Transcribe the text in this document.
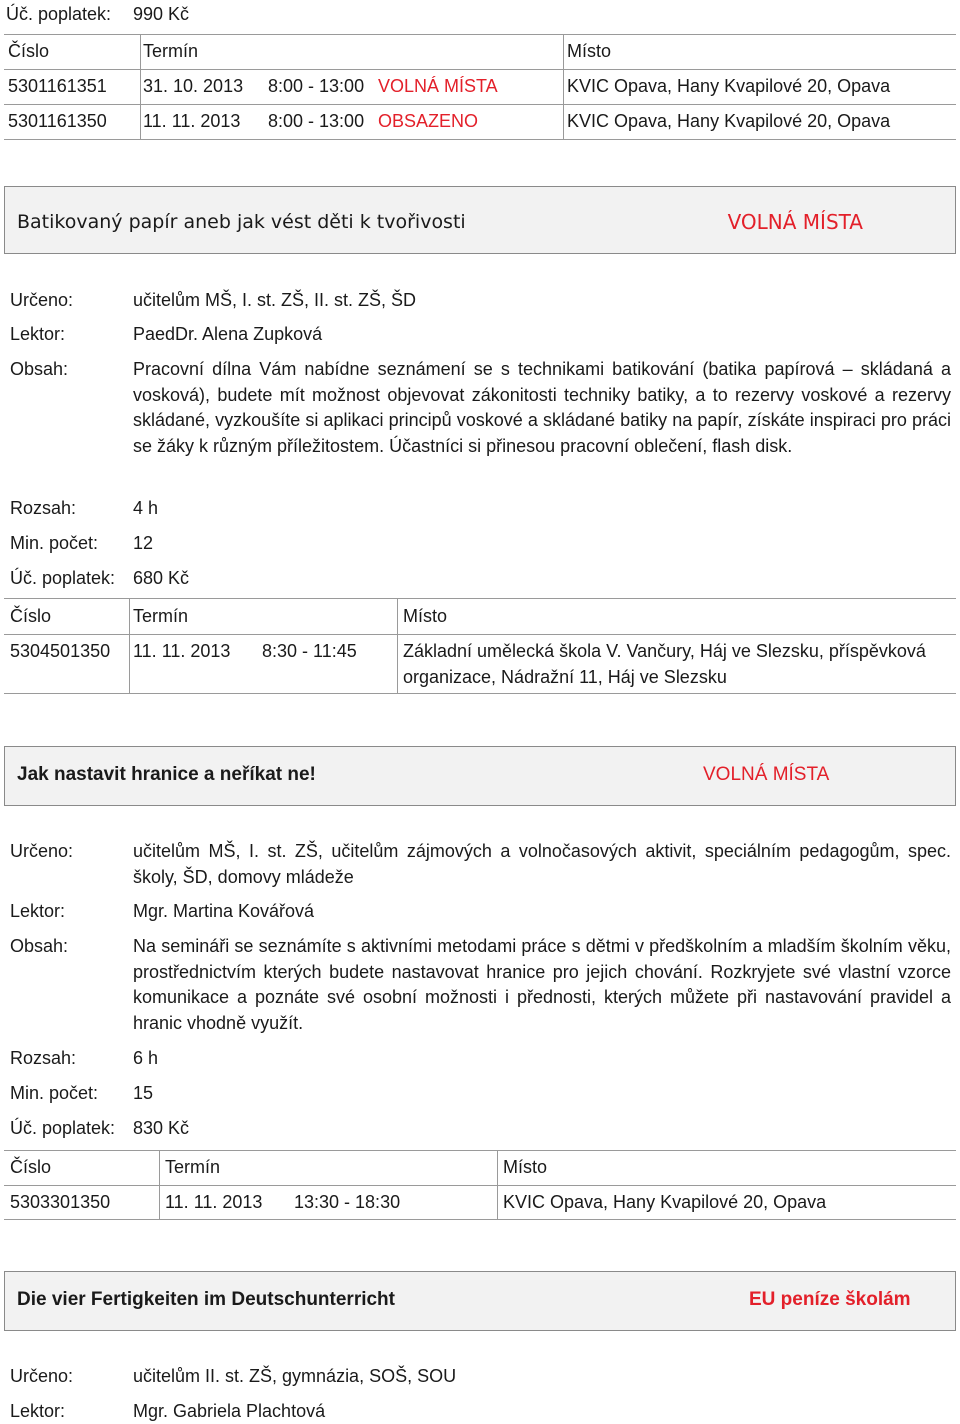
Úč. poplatek: 990 Kč
Číslo	Termín	Místo
5301161351 31. 10. 2013 8:00 - 13:00 VOLNÁ MÍSTA	KVIC Opava, Hany Kvapilové 20, Opava
5301161350 11. 11. 2013 8:00 - 13:00 OBSAZENO	KVIC Opava, Hany Kvapilové 20, Opava
Batikovaný papír aneb jak vést děti k tvořivosti	VOLNÁ MÍSTA
Určeno:	učitelům MŠ, I. st. ZŠ, II. st. ZŠ, ŠD
Lektor:	PaedDr. Alena Zupková
Obsah:	Pracovní dílna Vám nabídne seznámení se s technikami batikování (batika papírová – skládaná a vosková), budete mít možnost objevovat zákonitosti techniky batiky, a to rezervy voskové a rezervy skládané, vyzkoušíte si aplikaci principů voskové a skládané batiky na papír, získáte inspiraci pro práci se žáky k různým příležitostem. Účastníci si přinesou pracovní oblečení, flash disk.
Rozsah:	4 h
Min. počet: 12
Úč. poplatek: 680 Kč
Číslo	Termín	Místo
5304501350 11. 11. 2013 8:30 - 11:45	Základní umělecká škola V. Vančury, Háj ve Slezsku, příspěvková organizace, Nádražní 11, Háj ve Slezsku
Jak nastavit hranice a neříkat ne!	VOLNÁ MÍSTA
Určeno:	učitelům MŠ, I. st. ZŠ, učitelům zájmových a volnočasových aktivit, speciálním pedagogům, spec. školy, ŠD, domovy mládeže
Lektor:	Mgr. Martina Kovářová
Obsah:	Na semináři se seznámíte s aktivními metodami práce s dětmi v předškolním a mladším školním věku, prostřednictvím kterých budete nastavovat hranice pro jejich chování. Rozkryjete své vlastní vzorce komunikace a poznáte své osobní možnosti i přednosti, kterých můžete při nastavování pravidel a hranic vhodně využít.
Rozsah:	6 h
Min. počet: 15
Úč. poplatek: 830 Kč
Číslo	Termín	Místo
5303301350	11. 11. 2013 13:30 - 18:30	KVIC Opava, Hany Kvapilové 20, Opava
Die vier Fertigkeiten im Deutschunterricht	EU peníze školám
Určeno:	učitelům II. st. ZŠ, gymnázia, SOŠ, SOU
Lektor:	Mgr. Gabriela Plachtová
